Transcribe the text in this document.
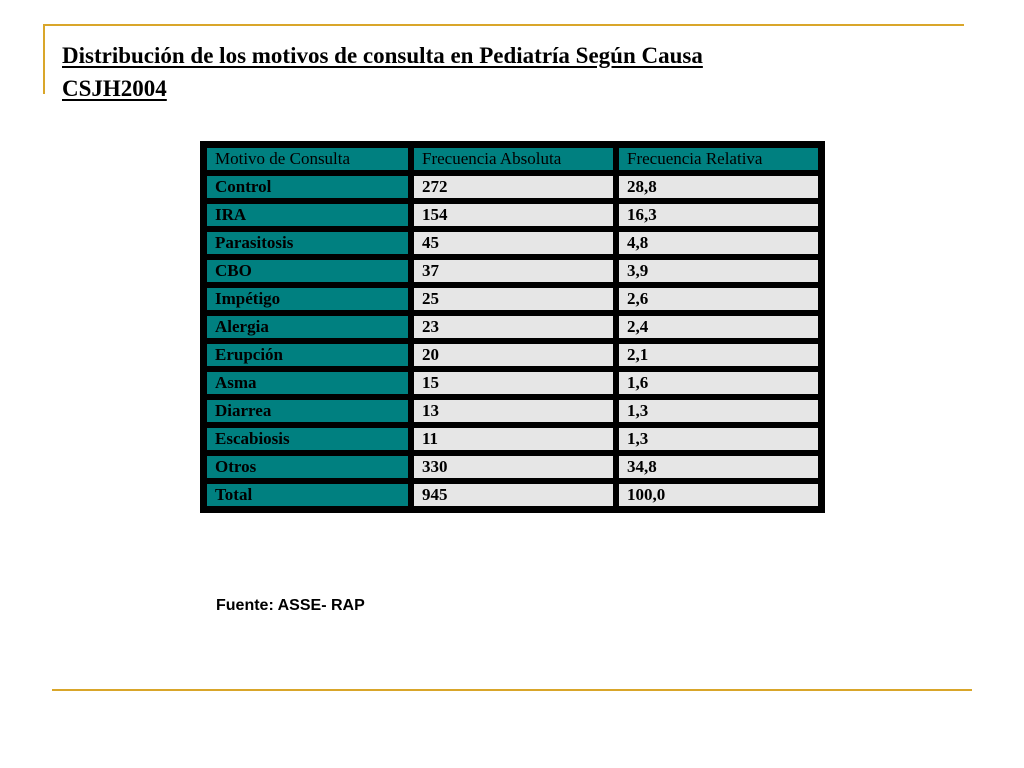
Distribución de los motivos de consulta en Pediatría Según Causa
CSJH2004
Motivo de Consulta	Frecuencia Absoluta	Frecuencia Relativa
Control	272	28,8
IRA	154	16,3
Parasitosis	45	4,8
CBO	37	3,9
Impétigo	25	2,6
Alergia	23	2,4
Erupción	20	2,1
Asma	15	1,6
Diarrea	13	1,3
Escabiosis	11	1,3
Otros	330	34,8
Total	945	100,0
Fuente: ASSE- RAP
